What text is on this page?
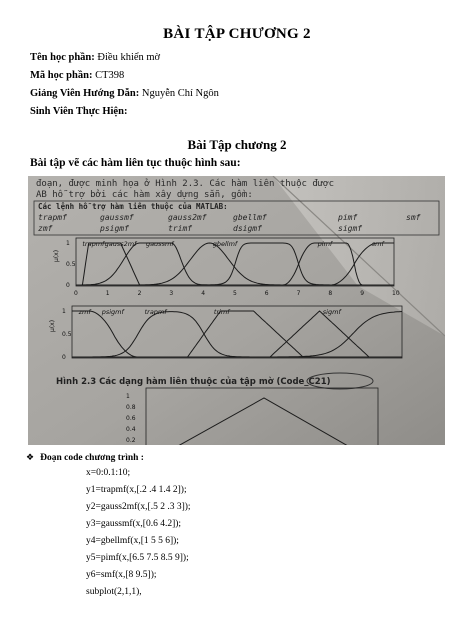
BÀI TẬP CHƯƠNG 2
Tên học phần: Điều khiển mờ
Mã học phần: CT398
Giảng Viên Hướng Dẫn: Nguyễn Chí Ngôn
Sinh Viên Thực Hiện:
Bài Tập chương 2
Bài tập vẽ các hàm liên tục thuộc hình sau:
đoạn, được minh họa ở Hình 2.3. Các hàm liên thuộc được
AB hỗ trợ bởi các hàm xây dựng sẵn, gồm:
Các lệnh hỗ trợ hàm liên thuộc của MATLAB:
trapmf	gaussmf	gauss2mf	gbellmf	pimf	smf
zmf	psigmf	trimf	dsigmf	sigmf
trapmf gauss2mf gaussmf	gbellmf	pimf	smf
0	1	2	3	4	5	6	7	8	9	10
1
0.5
0
μ(x)
zmf psigmf	trapmf	trimf	sigmf
1
0.5
0
μ(x)
Hình 2.3 Các dạng hàm liên thuộc của tập mờ (Code_C21)
1
0.8
0.6
0.4
0.2
❖ Đoạn code chương trình :
x=0:0.1:10;
y1=trapmf(x,[.2 .4 1.4 2]);
y2=gauss2mf(x,[.5 2 .3 3]);
y3=gaussmf(x,[0.6 4.2]);
y4=gbellmf(x,[1 5 5 6]);
y5=pimf(x,[6.5 7.5 8.5 9]);
y6=smf(x,[8 9.5]);
subplot(2,1,1),
